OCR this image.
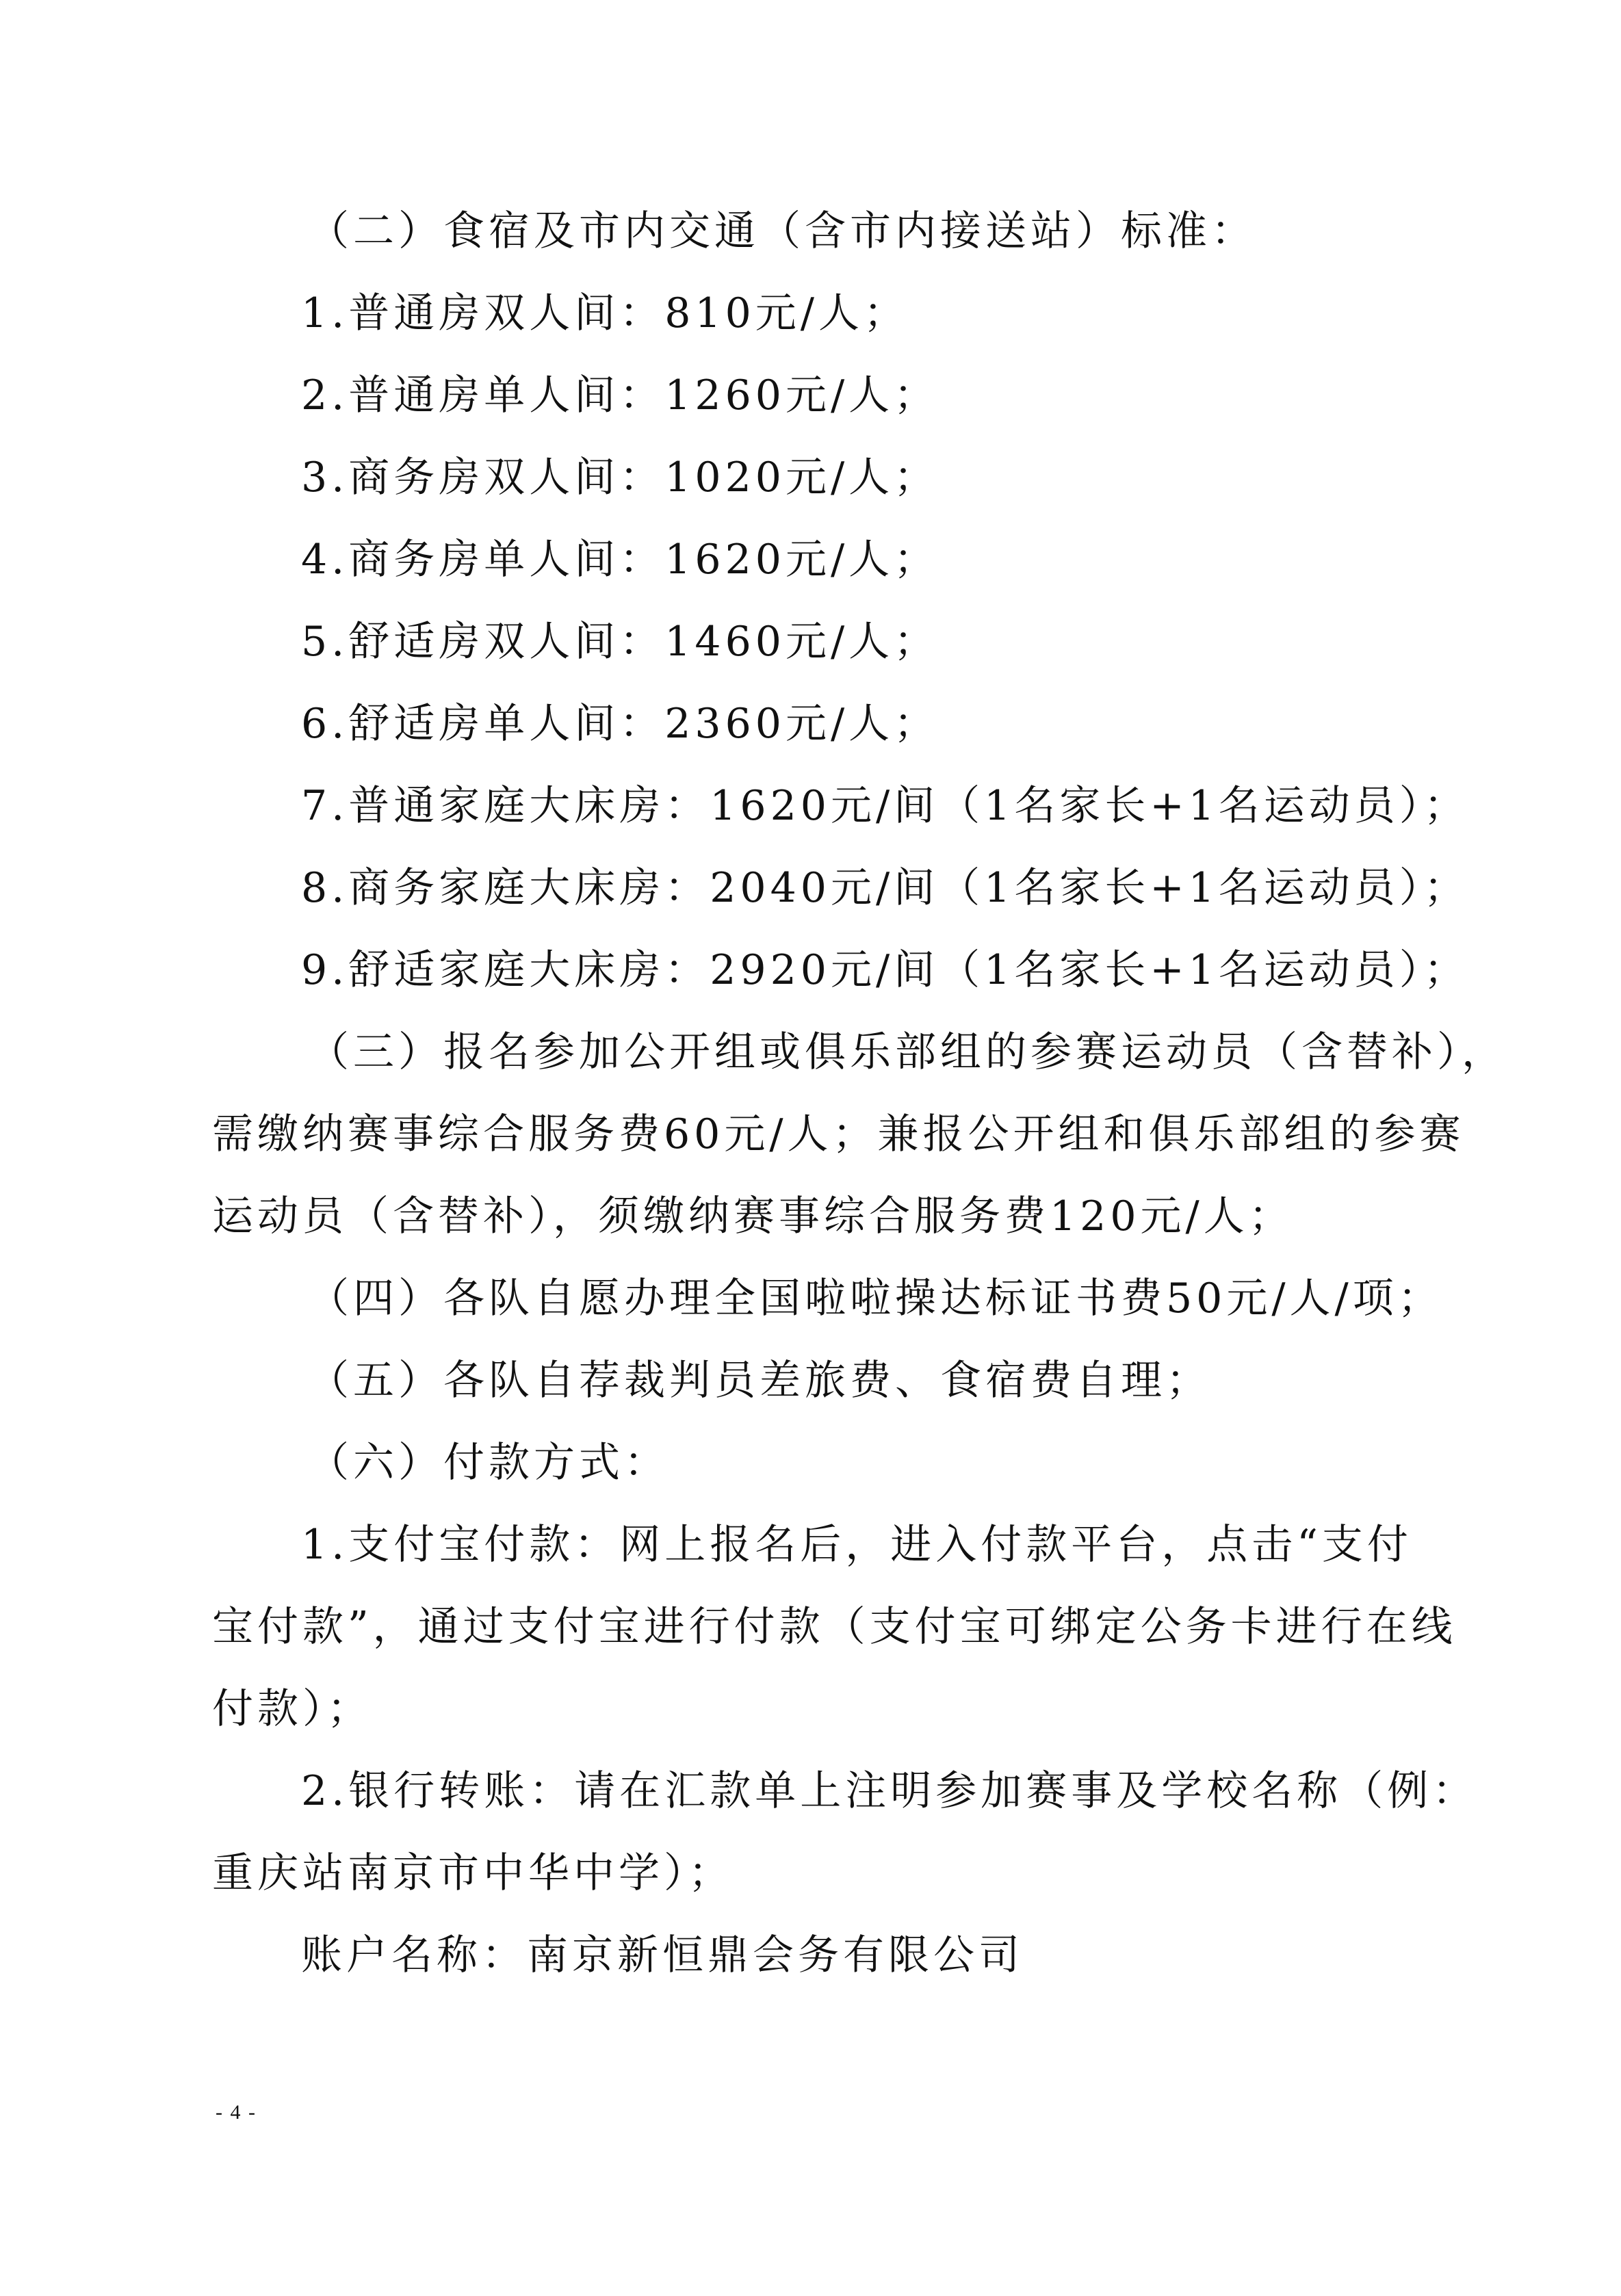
（二）食宿及市内交通（含市内接送站）标准：
1.普通房双人间：810元/人；
2.普通房单人间：1260元/人；
3.商务房双人间：1020元/人；
4.商务房单人间：1620元/人；
5.舒适房双人间：1460元/人；
6.舒适房单人间：2360元/人；
7.普通家庭大床房：1620元/间（1名家长+1名运动员）；
8.商务家庭大床房：2040元/间（1名家长+1名运动员）；
9.舒适家庭大床房：2920元/间（1名家长+1名运动员）；
（三）报名参加公开组或俱乐部组的参赛运动员（含替补），
需缴纳赛事综合服务费60元/人；兼报公开组和俱乐部组的参赛
运动员（含替补），须缴纳赛事综合服务费120元/人；
（四）各队自愿办理全国啦啦操达标证书费50元/人/项；
（五）各队自荐裁判员差旅费、食宿费自理；
（六）付款方式：
1.支付宝付款：网上报名后，进入付款平台，点击“支付
宝付款”，通过支付宝进行付款（支付宝可绑定公务卡进行在线
付款）；
2.银行转账：请在汇款单上注明参加赛事及学校名称（例：
重庆站南京市中华中学）；
账户名称：南京新恒鼎会务有限公司
- 4 -
